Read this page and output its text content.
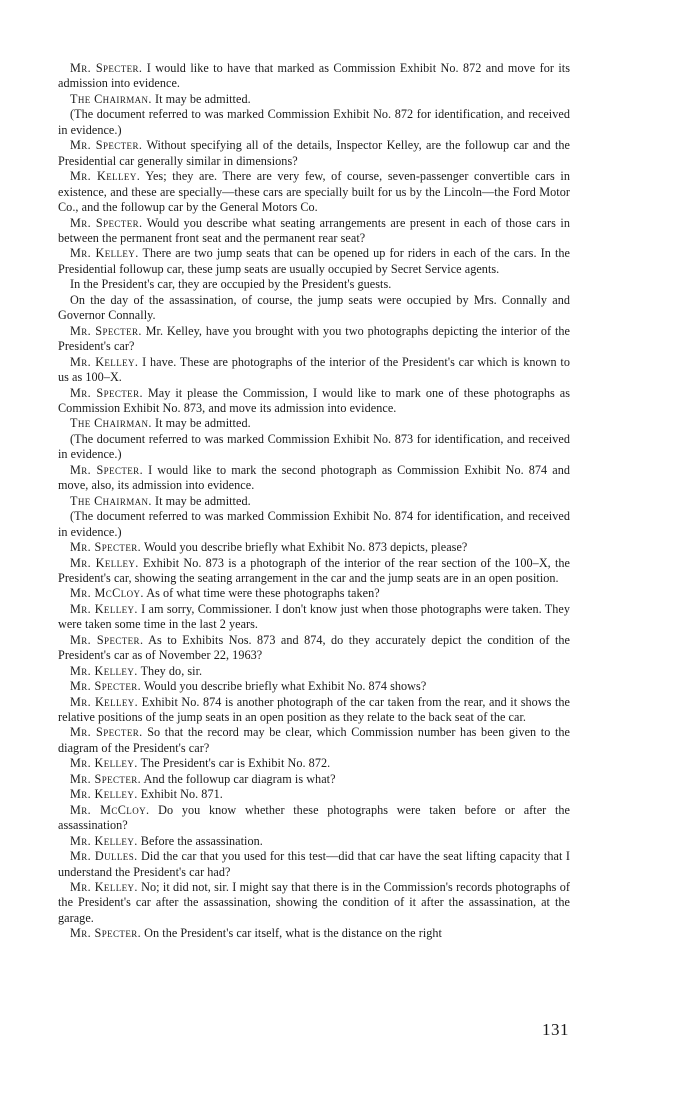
Mr. Specter. I would like to have that marked as Commission Exhibit No. 872 and move for its admission into evidence.

The Chairman. It may be admitted.

(The document referred to was marked Commission Exhibit No. 872 for identification, and received in evidence.)

Mr. Specter. Without specifying all of the details, Inspector Kelley, are the followup car and the Presidential car generally similar in dimensions?

Mr. Kelley. Yes; they are. There are very few, of course, seven-passenger convertible cars in existence, and these are specially—these cars are specially built for us by the Lincoln—the Ford Motor Co., and the followup car by the General Motors Co.

Mr. Specter. Would you describe what seating arrangements are present in each of those cars in between the permanent front seat and the permanent rear seat?

Mr. Kelley. There are two jump seats that can be opened up for riders in each of the cars. In the Presidential followup car, these jump seats are usually occupied by Secret Service agents.

In the President's car, they are occupied by the President's guests.

On the day of the assassination, of course, the jump seats were occupied by Mrs. Connally and Governor Connally.

Mr. Specter. Mr. Kelley, have you brought with you two photographs depicting the interior of the President's car?

Mr. Kelley. I have. These are photographs of the interior of the President's car which is known to us as 100–X.

Mr. Specter. May it please the Commission, I would like to mark one of these photographs as Commission Exhibit No. 873, and move its admission into evidence.

The Chairman. It may be admitted.

(The document referred to was marked Commission Exhibit No. 873 for identification, and received in evidence.)

Mr. Specter. I would like to mark the second photograph as Commission Exhibit No. 874 and move, also, its admission into evidence.

The Chairman. It may be admitted.

(The document referred to was marked Commission Exhibit No. 874 for identification, and received in evidence.)

Mr. Specter. Would you describe briefly what Exhibit No. 873 depicts, please?

Mr. Kelley. Exhibit No. 873 is a photograph of the interior of the rear section of the 100–X, the President's car, showing the seating arrangement in the car and the jump seats are in an open position.

Mr. McCloy. As of what time were these photographs taken?

Mr. Kelley. I am sorry, Commissioner. I don't know just when those photographs were taken. They were taken some time in the last 2 years.

Mr. Specter. As to Exhibits Nos. 873 and 874, do they accurately depict the condition of the President's car as of November 22, 1963?

Mr. Kelley. They do, sir.

Mr. Specter. Would you describe briefly what Exhibit No. 874 shows?

Mr. Kelley. Exhibit No. 874 is another photograph of the car taken from the rear, and it shows the relative positions of the jump seats in an open position as they relate to the back seat of the car.

Mr. Specter. So that the record may be clear, which Commission number has been given to the diagram of the President's car?

Mr. Kelley. The President's car is Exhibit No. 872.

Mr. Specter. And the followup car diagram is what?

Mr. Kelley. Exhibit No. 871.

Mr. McCloy. Do you know whether these photographs were taken before or after the assassination?

Mr. Kelley. Before the assassination.

Mr. Dulles. Did the car that you used for this test—did that car have the seat lifting capacity that I understand the President's car had?

Mr. Kelley. No; it did not, sir. I might say that there is in the Commission's records photographs of the President's car after the assassination, showing the condition of it after the assassination, at the garage.

Mr. Specter. On the President's car itself, what is the distance on the right

131
